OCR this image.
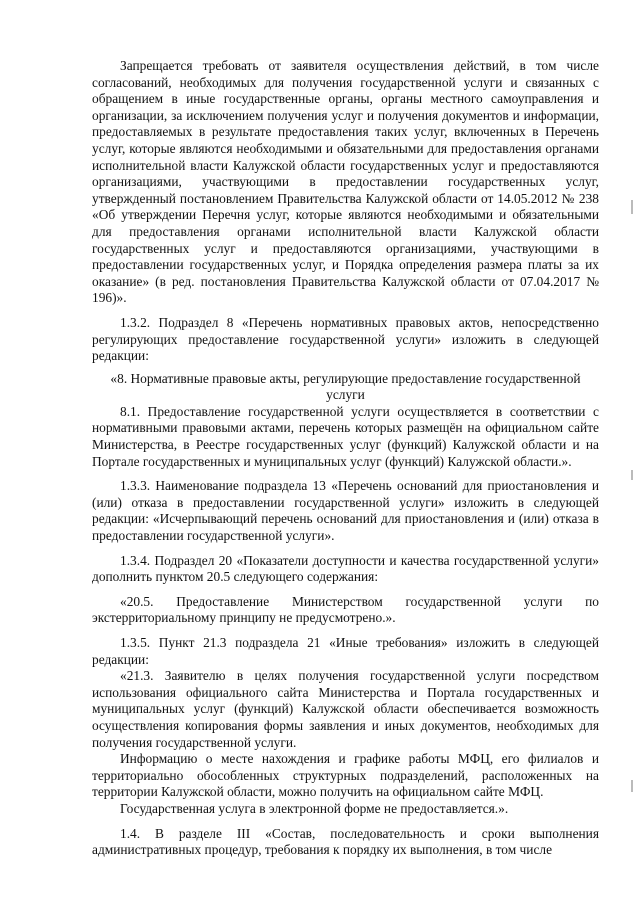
Запрещается требовать от заявителя осуществления действий, в том числе согласований, необходимых для получения государственной услуги и связанных с обращением в иные государственные органы, органы местного самоуправления и организации, за исключением получения услуг и получения документов и информации, предоставляемых в результате предоставления таких услуг, включенных в Перечень услуг, которые являются необходимыми и обязательными для предоставления органами исполнительной власти Калужской области государственных услуг и предоставляются организациями, участвующими в предоставлении государственных услуг, утвержденный постановлением Правительства Калужской области от 14.05.2012 № 238 «Об утверждении Перечня услуг, которые являются необходимыми и обязательными для предоставления органами исполнительной власти Калужской области государственных услуг и предоставляются организациями, участвующими в предоставлении государственных услуг, и Порядка определения размера платы за их оказание» (в ред. постановления Правительства Калужской области от 07.04.2017 № 196)».

1.3.2. Подраздел 8 «Перечень нормативных правовых актов, непосредственно регулирующих предоставление государственной услуги» изложить в следующей редакции:

«8. Нормативные правовые акты, регулирующие предоставление государственной услуги

8.1. Предоставление государственной услуги осуществляется в соответствии с нормативными правовыми актами, перечень которых размещён на официальном сайте Министерства, в Реестре государственных услуг (функций) Калужской области и на Портале государственных и муниципальных услуг (функций) Калужской области.».

1.3.3. Наименование подраздела 13 «Перечень оснований для приостановления и (или) отказа в предоставлении государственной услуги» изложить в следующей редакции: «Исчерпывающий перечень оснований для приостановления и (или) отказа в предоставлении государственной услуги».

1.3.4. Подраздел 20 «Показатели доступности и качества государственной услуги» дополнить пунктом 20.5 следующего содержания:

«20.5. Предоставление Министерством государственной услуги по экстерриториальному принципу не предусмотрено.».

1.3.5. Пункт 21.3 подраздела 21 «Иные требования» изложить в следующей редакции:

«21.3. Заявителю в целях получения государственной услуги посредством использования официального сайта Министерства и Портала государственных и муниципальных услуг (функций) Калужской области обеспечивается возможность осуществления копирования формы заявления и иных документов, необходимых для получения государственной услуги.

Информацию о месте нахождения и графике работы МФЦ, его филиалов и территориально обособленных структурных подразделений, расположенных на территории Калужской области, можно получить на официальном сайте МФЦ.

Государственная услуга в электронной форме не предоставляется.».

1.4. В разделе III «Состав, последовательность и сроки выполнения административных процедур, требования к порядку их выполнения, в том числе
